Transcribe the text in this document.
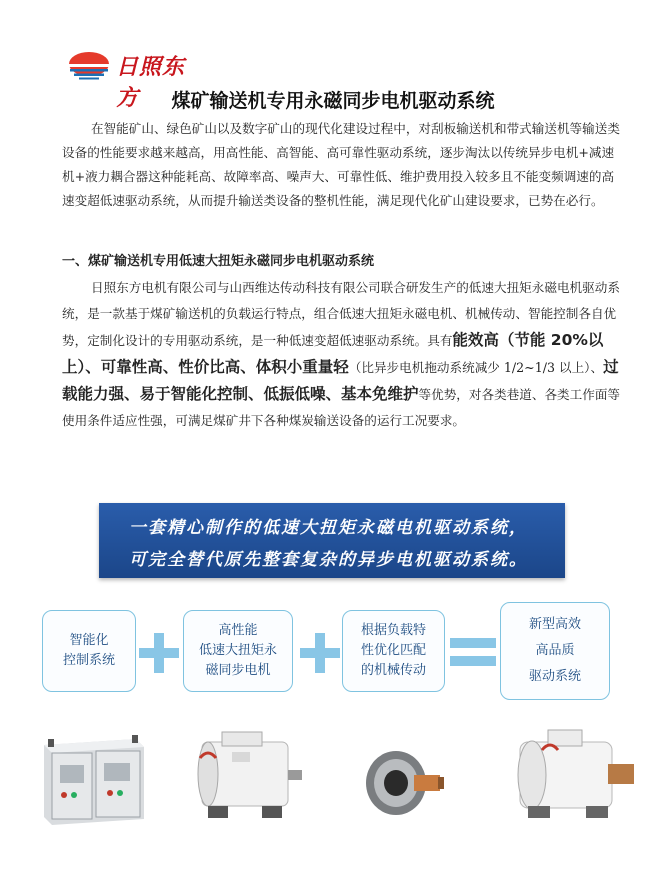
日照东方	煤矿输送机专用永磁同步电机驱动系统

在智能矿山、绿色矿山以及数字矿山的现代化建设过程中，对刮板输送机和带式输送机等输送类设备的性能要求越来越高，用高性能、高智能、高可靠性驱动系统，逐步淘汰以传统异步电机+减速机+液力耦合器这种能耗高、故障率高、噪声大、可靠性低、维护费用投入较多且不能变频调速的高速变超低速驱动系统，从而提升输送类设备的整机性能，满足现代化矿山建设要求，已势在必行。

一、煤矿输送机专用低速大扭矩永磁同步电机驱动系统

日照东方电机有限公司与山西维达传动科技有限公司联合研发生产的低速大扭矩永磁电机驱动系统，是一款基于煤矿输送机的负载运行特点，组合低速大扭矩永磁电机、机械传动、智能控制各自优势，定制化设计的专用驱动系统，是一种低速变超低速驱动系统。具有能效高（节能 20%以上）、可靠性高、性价比高、体积小重量轻（比异步电机拖动系统减少 1/2~1/3 以上）、过载能力强、易于智能化控制、低振低噪、基本免维护等优势，对各类巷道、各类工作面等使用条件适应性强，可满足煤矿井下各种煤炭输送设备的运行工况要求。

一套精心制作的低速大扭矩永磁电机驱动系统，
可完全替代原先整套复杂的异步电机驱动系统。
智能化
控制系统
高性能
低速大扭矩永
磁同步电机
根据负载特
性优化匹配
的机械传动
新型高效
高品质
驱动系统
